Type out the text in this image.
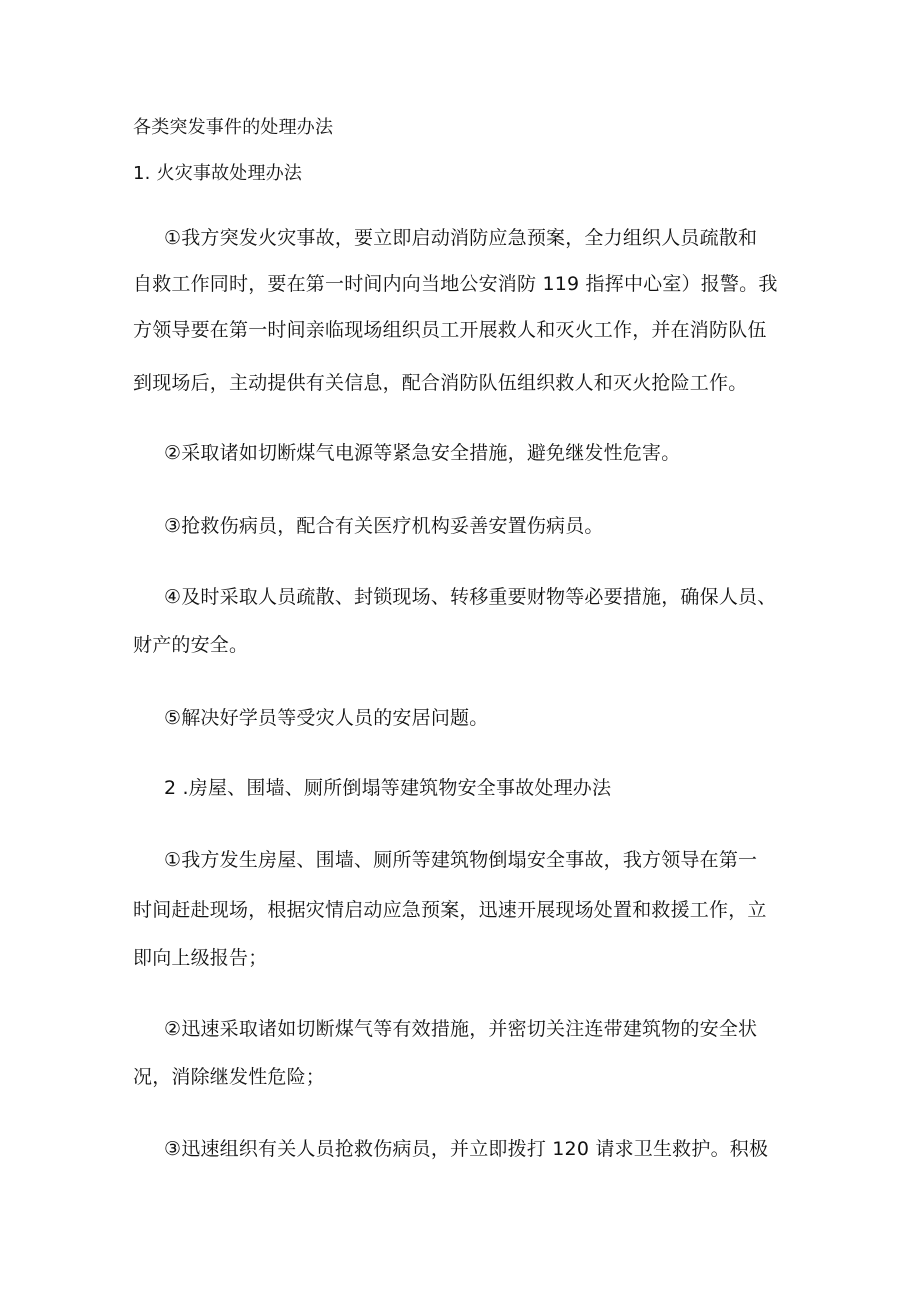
各类突发事件的处理办法
1. 火灾事故处理办法
①我方突发火灾事故，要立即启动消防应急预案，全力组织人员疏散和
自救工作同时，要在第一时间内向当地公安消防 119 指挥中心室）报警。我
方领导要在第一时间亲临现场组织员工开展救人和灭火工作，并在消防队伍
到现场后，主动提供有关信息，配合消防队伍组织救人和灭火抢险工作。
②采取诸如切断煤气电源等紧急安全措施，避免继发性危害。
③抢救伤病员，配合有关医疗机构妥善安置伤病员。
④及时采取人员疏散、封锁现场、转移重要财物等必要措施，确保人员、
财产的安全。
⑤解决好学员等受灾人员的安居问题。
2 .房屋、围墙、厕所倒塌等建筑物安全事故处理办法
①我方发生房屋、围墙、厕所等建筑物倒塌安全事故，我方领导在第一
时间赶赴现场，根据灾情启动应急预案，迅速开展现场处置和救援工作，立
即向上级报告；
②迅速采取诸如切断煤气等有效措施，并密切关注连带建筑物的安全状
况，消除继发性危险；
③迅速组织有关人员抢救伤病员，并立即拨打 120 请求卫生救护。积极
